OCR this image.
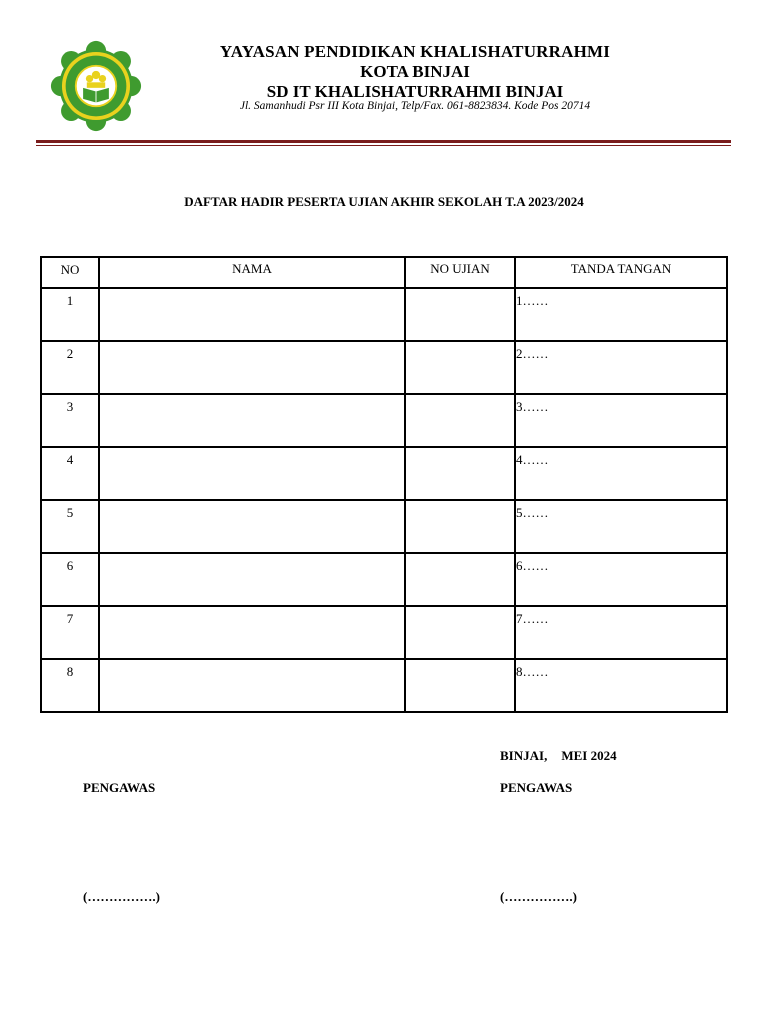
YAYASAN PENDIDIKAN KHALISHATURRAHMI
KOTA BINJAI
SD IT KHALISHATURRAHMI BINJAI
Jl. Samanhudi Psr III Kota Binjai, Telp/Fax. 061-8823834. Kode Pos 20714
DAFTAR HADIR PESERTA UJIAN AKHIR SEKOLAH T.A 2023/2024
NO	NAMA	NO UJIAN	TANDA TANGAN
1			1……
2			2……
3			3……
4			4……
5			5……
6			6……
7			7……
8			8……
BINJAI, MEI 2024
PENGAWAS	PENGAWAS
(…………….)	(…………….)
